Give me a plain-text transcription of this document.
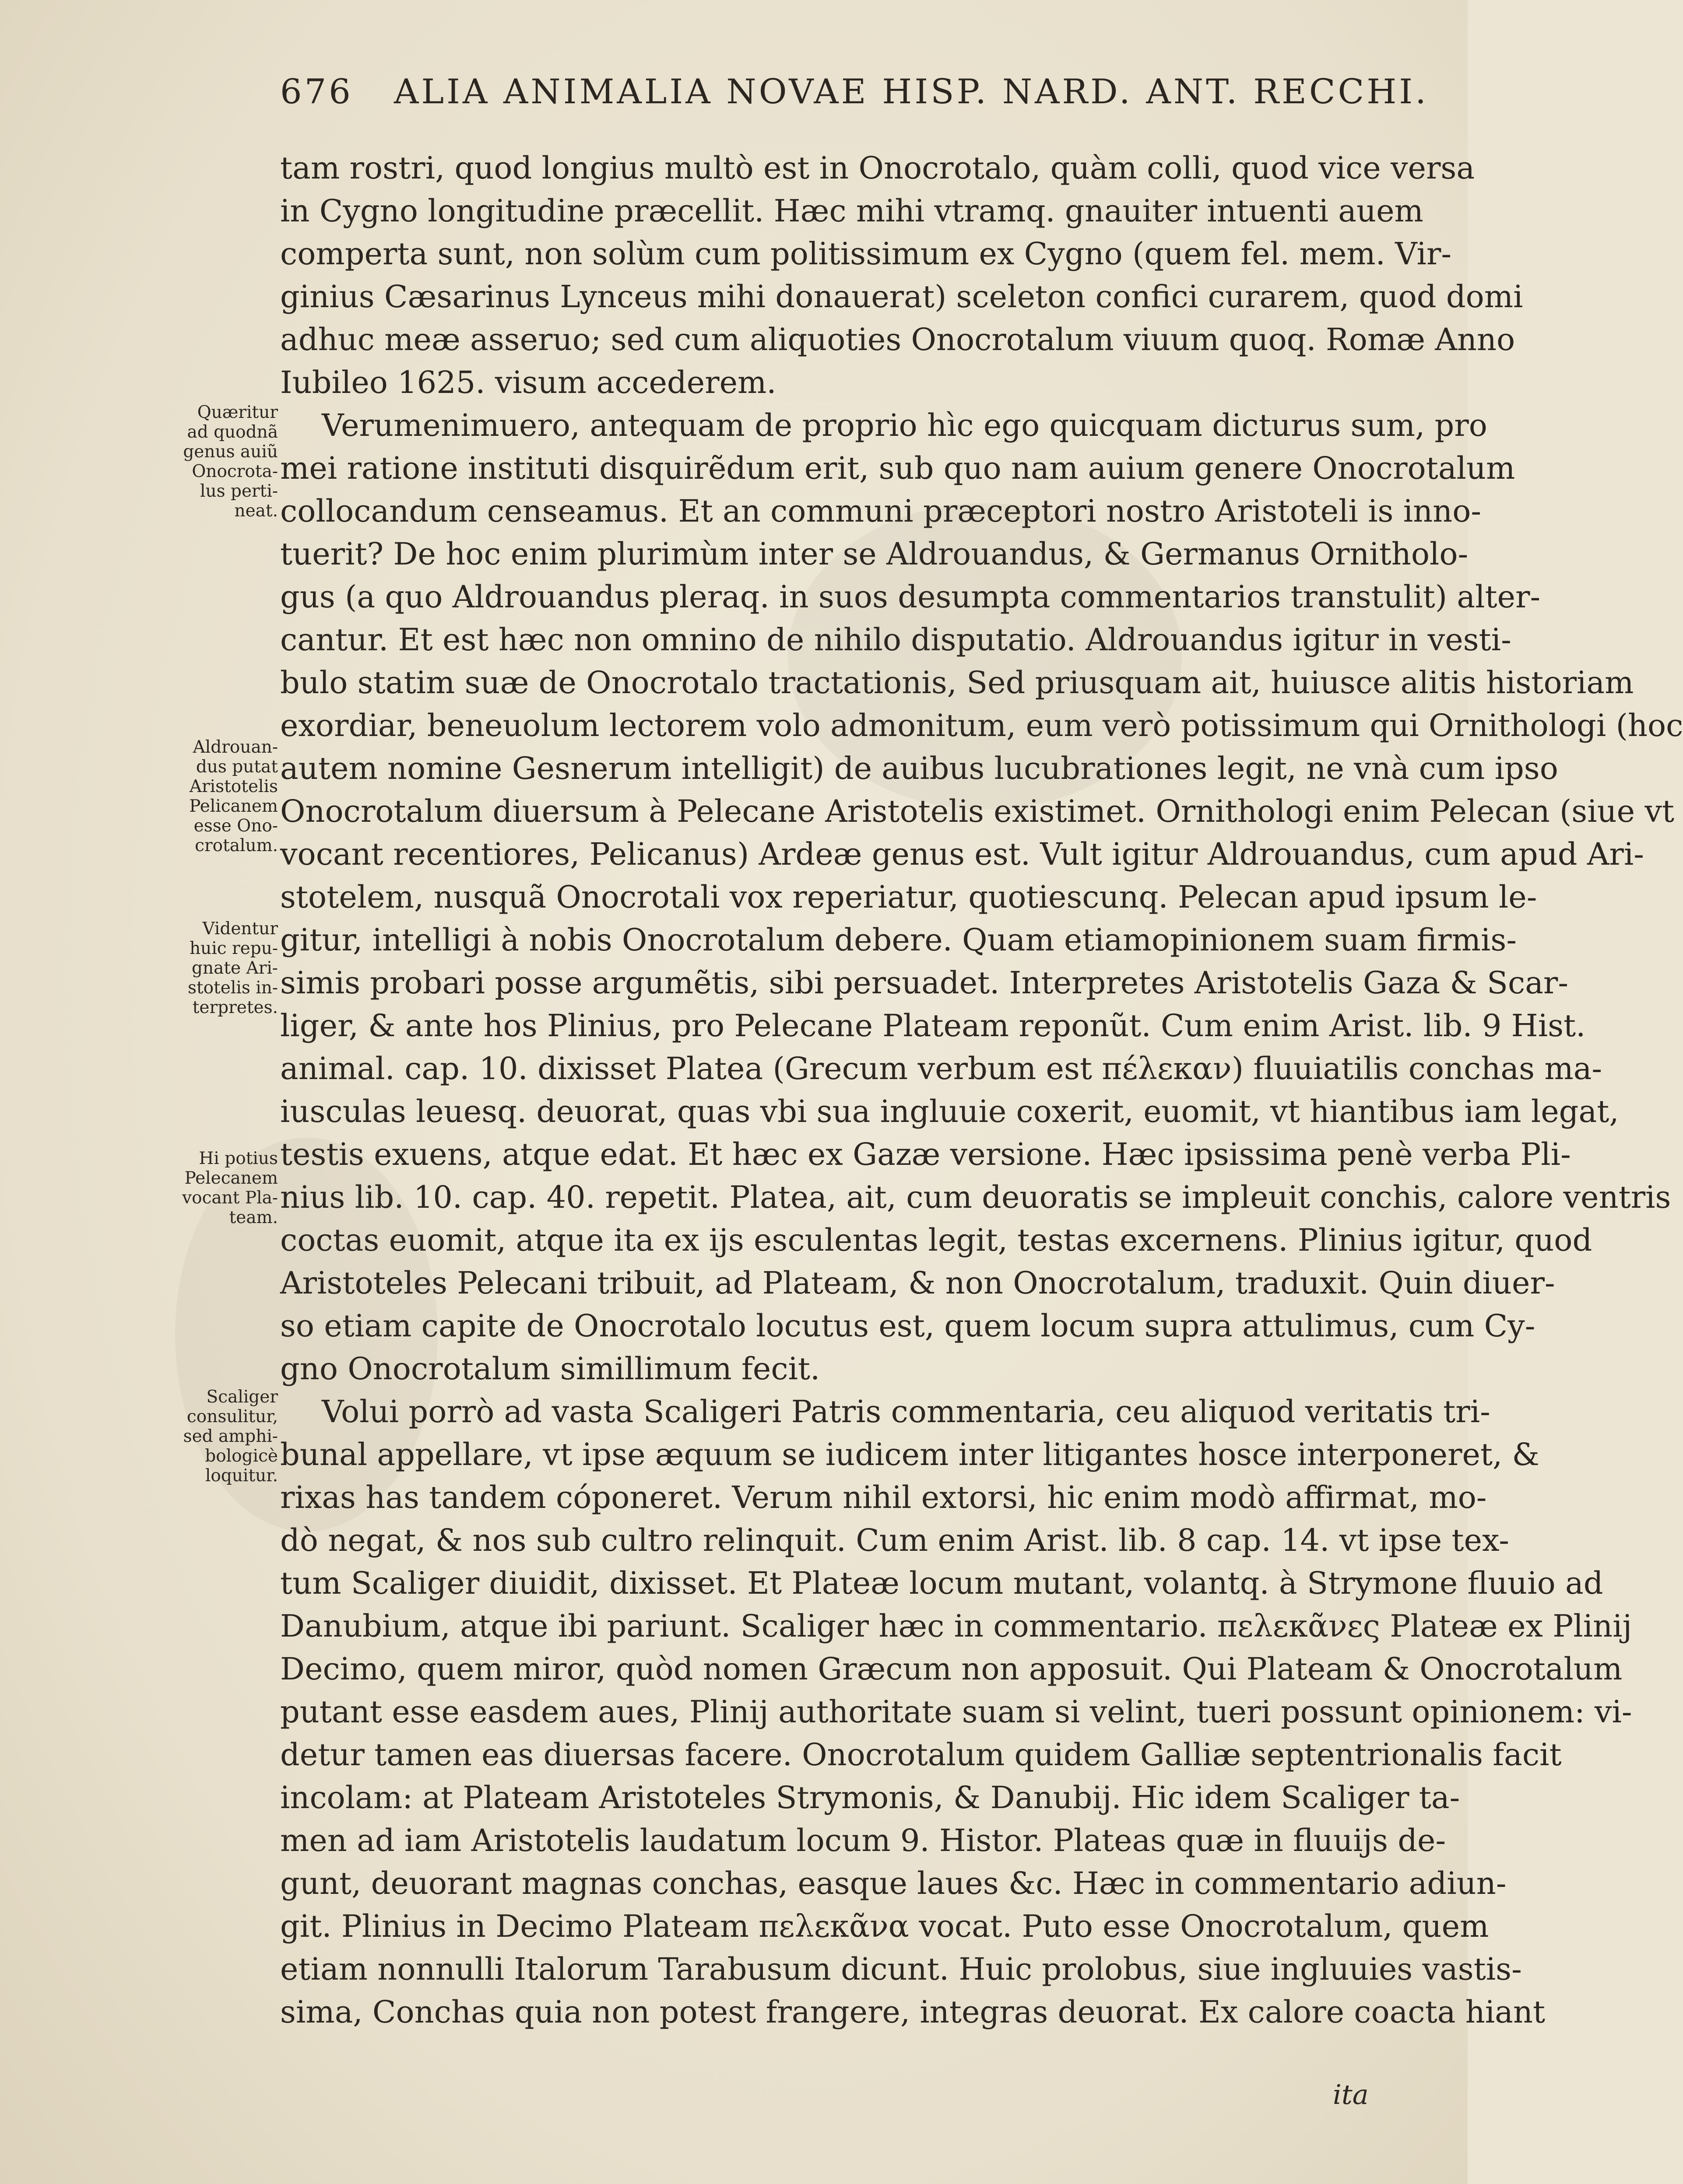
676 ALIA ANIMALIA NOVAE HISP. NARD. ANT. RECCHI.
tam rostri, quod longius multò est in Onocrotalo, quàm colli, quod vice versa
in Cygno longitudine præcellit. Hæc mihi vtramq. gnauiter intuenti auem
comperta sunt, non solùm cum politissimum ex Cygno (quem fel. mem. Vir-
ginius Cæsarinus Lynceus mihi donauerat) sceleton confici curarem, quod domi
adhuc meæ asseruo; sed cum aliquoties Onocrotalum viuum quoq. Romæ Anno
Iubileo 1625. visum accederem.
Verumenimuero, antequam de proprio hìc ego quicquam dicturus sum, pro
mei ratione instituti disquirẽdum erit, sub quo nam auium genere Onocrotalum
collocandum censeamus. Et an communi præceptori nostro Aristoteli is inno-
tuerit? De hoc enim plurimùm inter se Aldrouandus, & Germanus Ornitholo-
gus (a quo Aldrouandus pleraq. in suos desumpta commentarios transtulit) alter-
cantur. Et est hæc non omnino de nihilo disputatio. Aldrouandus igitur in vesti-
bulo statim suæ de Onocrotalo tractationis, Sed priusquam ait, huiusce alitis historiam
exordiar, beneuolum lectorem volo admonitum, eum verò potissimum qui Ornithologi (hoc
autem nomine Gesnerum intelligit) de auibus lucubrationes legit, ne vnà cum ipso
Onocrotalum diuersum à Pelecane Aristotelis existimet. Ornithologi enim Pelecan (siue vt
vocant recentiores, Pelicanus) Ardeæ genus est. Vult igitur Aldrouandus, cum apud Ari-
stotelem, nusquã Onocrotali vox reperiatur, quotiescunq. Pelecan apud ipsum le-
gitur, intelligi à nobis Onocrotalum debere. Quam etiamopinionem suam firmis-
simis probari posse argumẽtis, sibi persuadet. Interpretes Aristotelis Gaza & Scar-
liger, & ante hos Plinius, pro Pelecane Plateam reponũt. Cum enim Arist. lib. 9 Hist.
animal. cap. 10. dixisset Platea (Grecum verbum est πέλεκαν) fluuiatilis conchas ma-
iusculas leuesq. deuorat, quas vbi sua ingluuie coxerit, euomit, vt hiantibus iam legat,
testis exuens, atque edat. Et hæc ex Gazæ versione. Hæc ipsissima penè verba Pli-
nius lib. 10. cap. 40. repetit. Platea, ait, cum deuoratis se impleuit conchis, calore ventris
coctas euomit, atque ita ex ijs esculentas legit, testas excernens. Plinius igitur, quod
Aristoteles Pelecani tribuit, ad Plateam, & non Onocrotalum, traduxit. Quin diuer-
so etiam capite de Onocrotalo locutus est, quem locum supra attulimus, cum Cy-
gno Onocrotalum simillimum fecit.
Volui porrò ad vasta Scaligeri Patris commentaria, ceu aliquod veritatis tri-
bunal appellare, vt ipse æquum se iudicem inter litigantes hosce interponeret, &
rixas has tandem cóponeret. Verum nihil extorsi, hic enim modò affirmat, mo-
dò negat, & nos sub cultro relinquit. Cum enim Arist. lib. 8 cap. 14. vt ipse tex-
tum Scaliger diuidit, dixisset. Et Plateæ locum mutant, volantq. à Strymone fluuio ad
Danubium, atque ibi pariunt. Scaliger hæc in commentario. πελεκᾶνες Plateæ ex Plinij
Decimo, quem miror, quòd nomen Græcum non apposuit. Qui Plateam & Onocrotalum
putant esse easdem aues, Plinij authoritate suam si velint, tueri possunt opinionem: vi-
detur tamen eas diuersas facere. Onocrotalum quidem Galliæ septentrionalis facit
incolam: at Plateam Aristoteles Strymonis, & Danubij. Hic idem Scaliger ta-
men ad iam Aristotelis laudatum locum 9. Histor. Plateas quæ in fluuijs de-
gunt, deuorant magnas conchas, easque laues &c. Hæc in commentario adiun-
git. Plinius in Decimo Plateam πελεκᾶνα vocat. Puto esse Onocrotalum, quem
etiam nonnulli Italorum Tarabusum dicunt. Huic prolobus, siue ingluuies vastis-
sima, Conchas quia non potest frangere, integras deuorat. Ex calore coacta hiant
Quæritur
ad quodnã
genus auiũ
Onocrota-
lus perti-
neat.
Aldrouan-
dus putat
Aristotelis
Pelicanem
esse Ono-
crotalum.
Videntur
huic repu-
gnate Ari-
stotelis in-
terpretes.
Hi potius
Pelecanem
vocant Pla-
team.
Scaliger
consulitur,
sed amphi-
bologicè
loquitur.
ita
